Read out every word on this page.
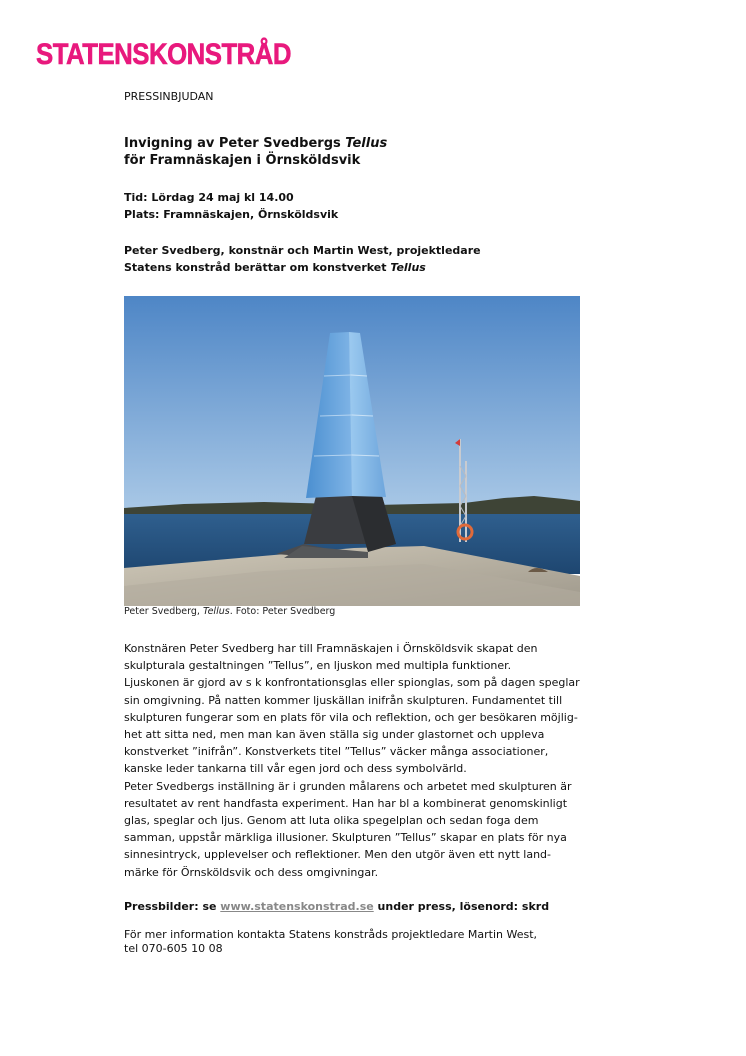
STATENSKONSTRÅD
PRESSINBJUDAN
Invigning av Peter Svedbergs Tellus
för Framnäskajen i Örnsköldsvik
Tid: Lördag 24 maj kl 14.00
Plats: Framnäskajen, Örnsköldsvik
Peter Svedberg, konstnär och Martin West, projektledare
Statens konstråd berättar om konstverket Tellus
Peter Svedberg, Tellus. Foto: Peter Svedberg

Konstnären Peter Svedberg har till Framnäskajen i Örnsköldsvik skapat den

skulpturala gestaltningen ”Tellus”, en ljuskon med multipla funktioner.

Ljuskonen är gjord av s k konfrontationsglas eller spionglas, som på dagen speglar

sin omgivning. På natten kommer ljuskällan inifrån skulpturen. Fundamentet till

skulpturen fungerar som en plats för vila och reflektion, och ger besökaren möjlig-

het att sitta ned, men man kan även ställa sig under glastornet och uppleva

konstverket ”inifrån”. Konstverkets titel ”Tellus” väcker många associationer,

kanske leder tankarna till vår egen jord och dess symbolvärld.

Peter Svedbergs inställning är i grunden målarens och arbetet med skulpturen är

resultatet av rent handfasta experiment. Han har bl a kombinerat genomskinligt

glas, speglar och ljus. Genom att luta olika spegelplan och sedan foga dem

samman, uppstår märkliga illusioner. Skulpturen ”Tellus” skapar en plats för nya

sinnesintryck, upplevelser och reflektioner. Men den utgör även ett nytt land-

märke för Örnsköldsvik och dess omgivningar.

Pressbilder: se www.statenskonstrad.se under press, lösenord: skrd
För mer information kontakta Statens konstråds projektledare Martin West,
tel 070-605 10 08
